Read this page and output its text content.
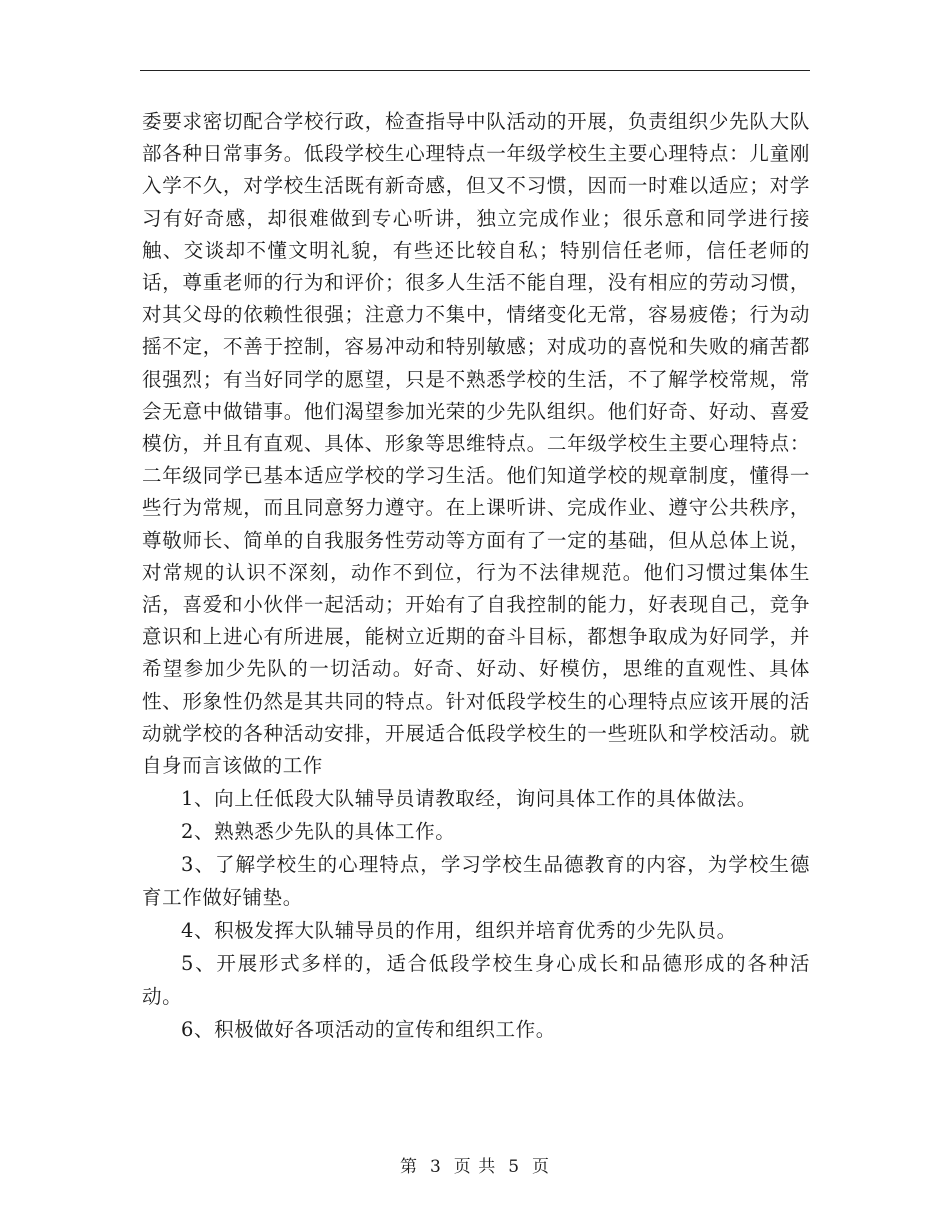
委要求密切配合学校行政，检查指导中队活动的开展，负责组织少先队大队部各种日常事务。低段学校生心理特点一年级学校生主要心理特点：儿童刚入学不久，对学校生活既有新奇感，但又不习惯，因而一时难以适应；对学习有好奇感，却很难做到专心听讲，独立完成作业；很乐意和同学进行接触、交谈却不懂文明礼貌，有些还比较自私；特别信任老师，信任老师的话，尊重老师的行为和评价；很多人生活不能自理，没有相应的劳动习惯，对其父母的依赖性很强；注意力不集中，情绪变化无常，容易疲倦；行为动摇不定，不善于控制，容易冲动和特别敏感；对成功的喜悦和失败的痛苦都很强烈；有当好同学的愿望，只是不熟悉学校的生活，不了解学校常规，常会无意中做错事。他们渴望参加光荣的少先队组织。他们好奇、好动、喜爱模仿，并且有直观、具体、形象等思维特点。二年级学校生主要心理特点：二年级同学已基本适应学校的学习生活。他们知道学校的规章制度，懂得一些行为常规，而且同意努力遵守。在上课听讲、完成作业、遵守公共秩序，尊敬师长、简单的自我服务性劳动等方面有了一定的基础，但从总体上说，对常规的认识不深刻，动作不到位，行为不法律规范。他们习惯过集体生活，喜爱和小伙伴一起活动；开始有了自我控制的能力，好表现自己，竞争意识和上进心有所进展，能树立近期的奋斗目标，都想争取成为好同学，并希望参加少先队的一切活动。好奇、好动、好模仿，思维的直观性、具体性、形象性仍然是其共同的特点。针对低段学校生的心理特点应该开展的活动就学校的各种活动安排，开展适合低段学校生的一些班队和学校活动。就自身而言该做的工作

1、向上任低段大队辅导员请教取经，询问具体工作的具体做法。

2、熟熟悉少先队的具体工作。

3、了解学校生的心理特点，学习学校生品德教育的内容，为学校生德育工作做好铺垫。

4、积极发挥大队辅导员的作用，组织并培育优秀的少先队员。

5、开展形式多样的，适合低段学校生身心成长和品德形成的各种活动。

6、积极做好各项活动的宣传和组织工作。

第 3 页 共 5 页
